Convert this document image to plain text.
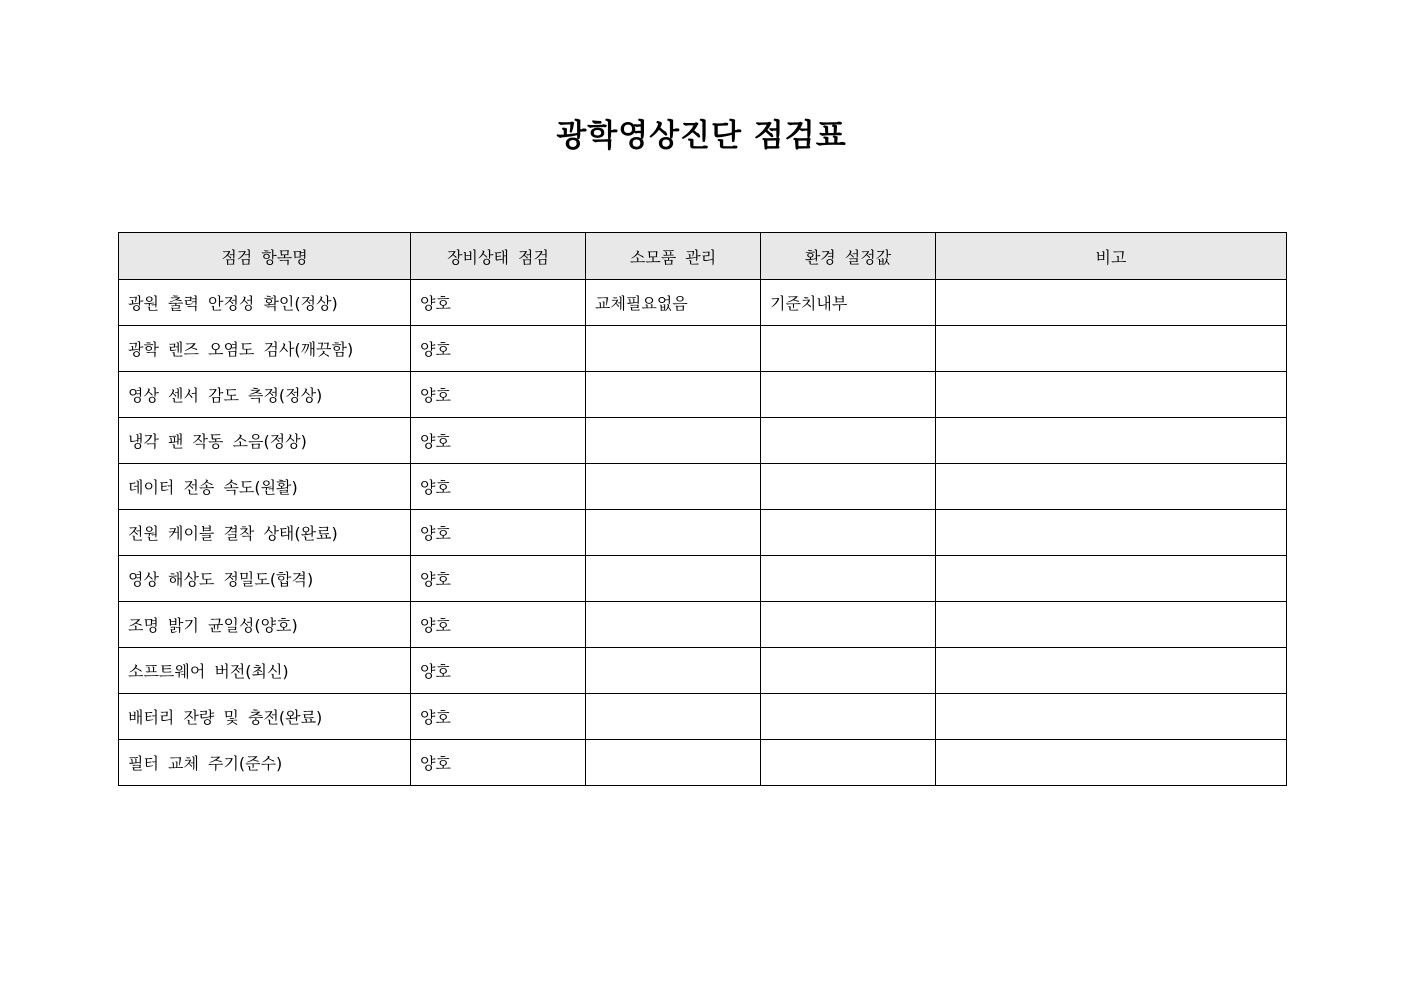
광학영상진단 점검표
점검 항목명	장비상태 점검	소모품 관리	환경 설정값	비고
광원 출력 안정성 확인(정상)	양호	교체필요없음	기준치내부	
광학 렌즈 오염도 검사(깨끗함)	양호			
영상 센서 감도 측정(정상)	양호			
냉각 팬 작동 소음(정상)	양호			
데이터 전송 속도(원활)	양호			
전원 케이블 결착 상태(완료)	양호			
영상 해상도 정밀도(합격)	양호			
조명 밝기 균일성(양호)	양호			
소프트웨어 버전(최신)	양호			
배터리 잔량 및 충전(완료)	양호			
필터 교체 주기(준수)	양호			
